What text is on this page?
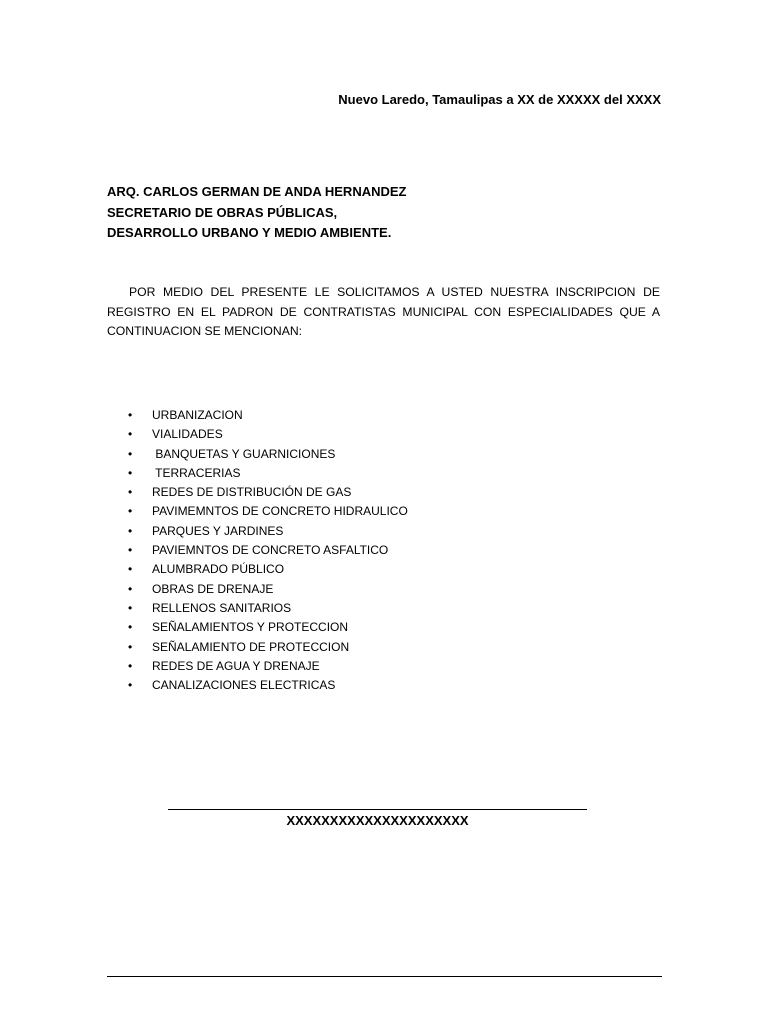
Nuevo Laredo, Tamaulipas a XX de XXXXX del XXXX
ARQ. CARLOS GERMAN DE ANDA HERNANDEZ
SECRETARIO DE OBRAS PÚBLICAS,
DESARROLLO URBANO Y MEDIO AMBIENTE.

POR MEDIO DEL PRESENTE LE SOLICITAMOS A USTED NUESTRA INSCRIPCION DE REGISTRO EN EL PADRON DE CONTRATISTAS MUNICIPAL CON ESPECIALIDADES QUE A CONTINUACION SE MENCIONAN:

• URBANIZACION
• VIALIDADES
• BANQUETAS Y GUARNICIONES
• TERRACERIAS
• REDES DE DISTRIBUCIÓN DE GAS
• PAVIMEMNTOS DE CONCRETO HIDRAULICO
• PARQUES Y JARDINES
• PAVIEMNTOS DE CONCRETO ASFALTICO
• ALUMBRADO PÚBLICO
• OBRAS DE DRENAJE
• RELLENOS SANITARIOS
• SEÑALAMIENTOS Y PROTECCION
• SEÑALAMIENTO DE PROTECCION
• REDES DE AGUA Y DRENAJE
• CANALIZACIONES ELECTRICAS
XXXXXXXXXXXXXXXXXXXXX
